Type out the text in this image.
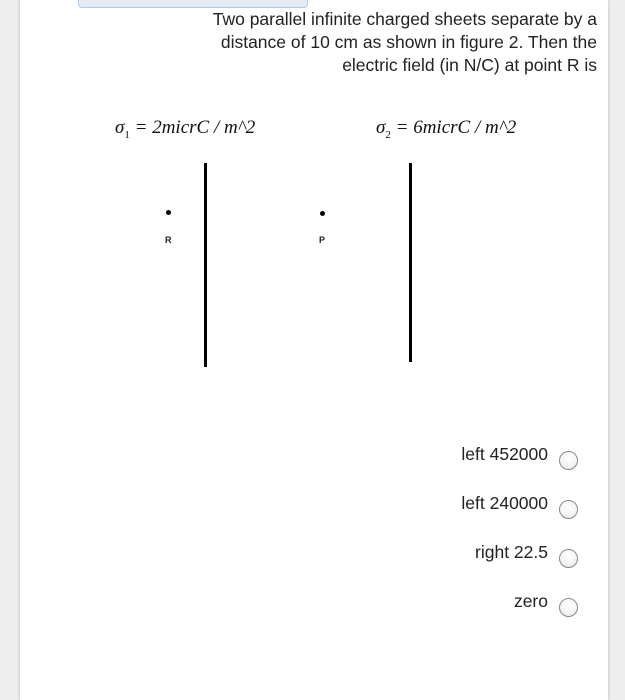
Two parallel infinite charged sheets separate by a
distance of 10 cm as shown in figure 2. Then the
electric field (in N/C) at point R is
$\sigma_1$ = 2micrC / m^2	$\sigma_2$ = 6micrC / m^2
R	P
left 452000
left 240000
right 22.5
zero
